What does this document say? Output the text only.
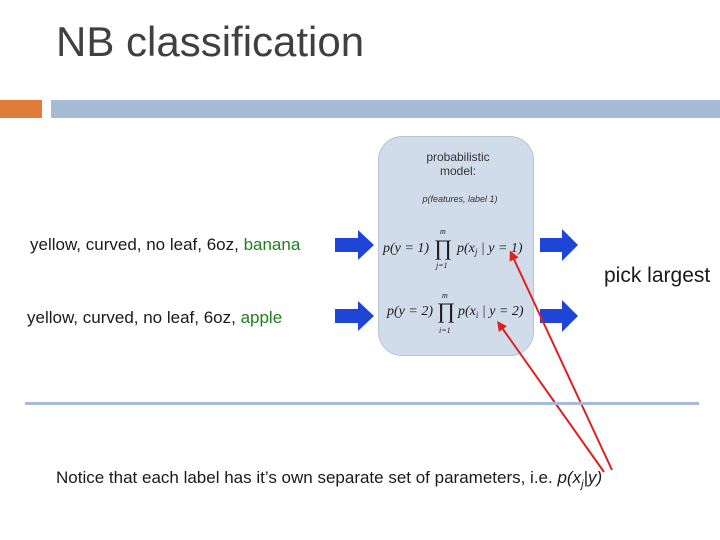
NB classification
probabilistic
model:
p(features, label 1)
yellow, curved, no leaf, 6oz, banana
yellow, curved, no leaf, 6oz, apple
p(y = 1)
m
∏
j=1
$p(x_j$ | y = 1)
p(y = 2)
m
∏
i=1
$p(x_i$ | y = 2)
pick largest
Notice that each label has it’s own separate set of parameters, i.e. $p(x_j|y)$
